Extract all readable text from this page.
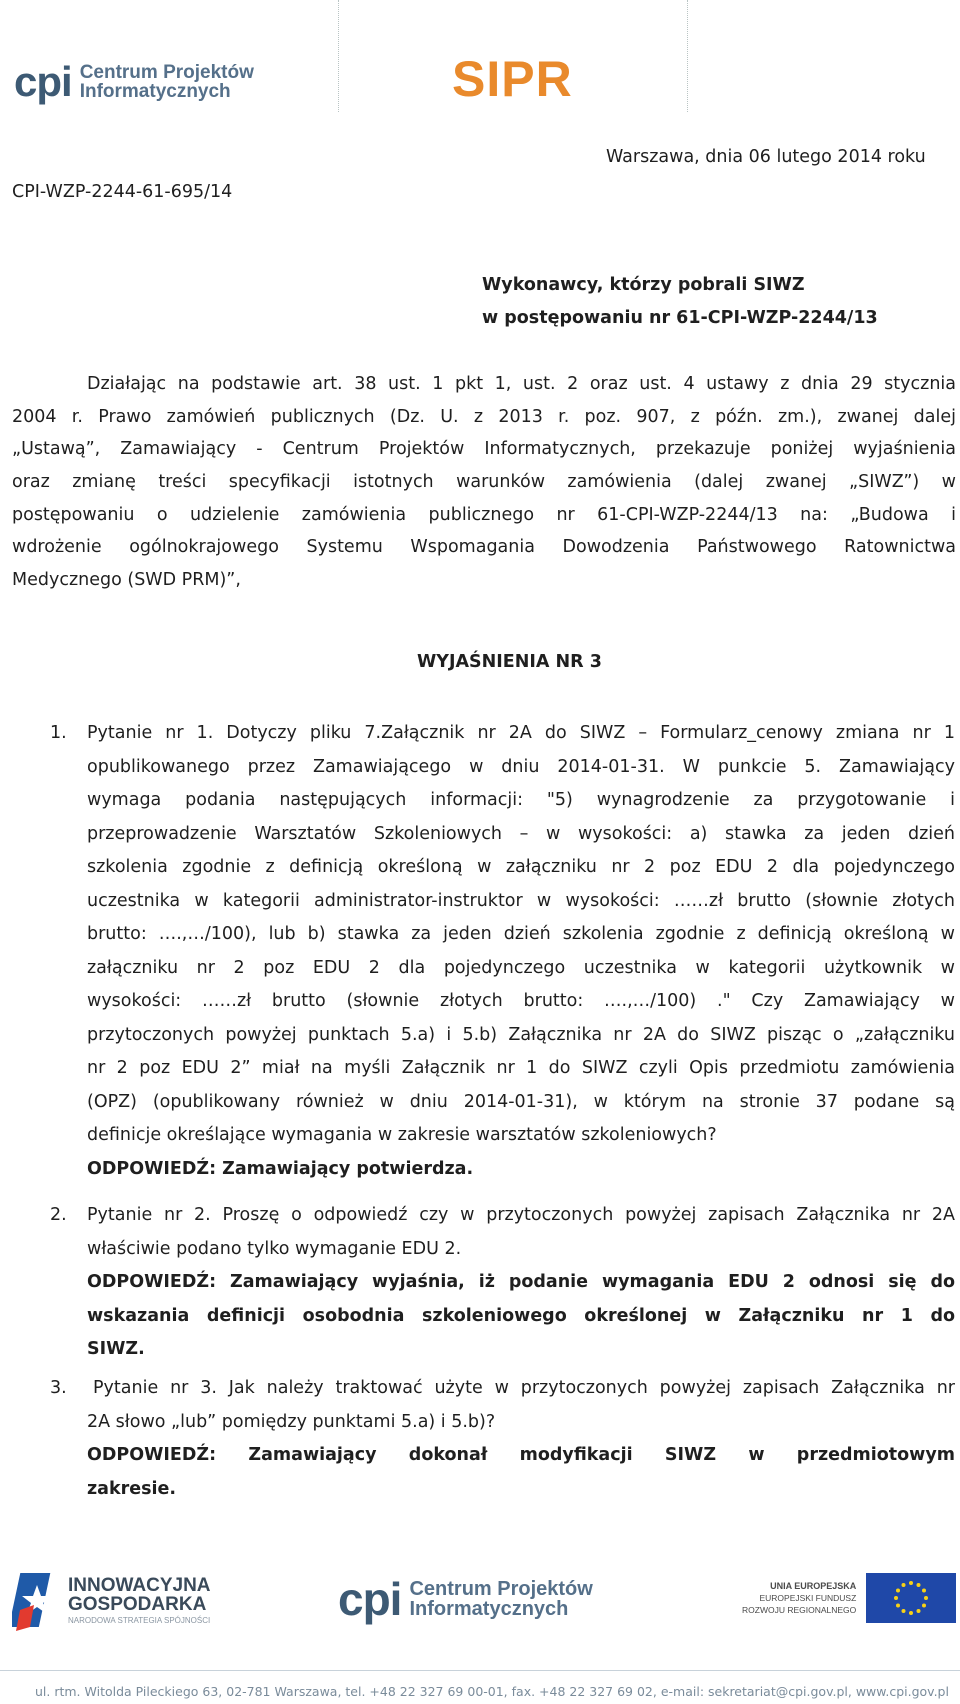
cpi Centrum Projektów
Informatycznych	SIPR
Warszawa, dnia 06 lutego 2014 roku
CPI-WZP-2244-61-695/14
Wykonawcy, którzy pobrali SIWZ
w postępowaniu nr 61-CPI-WZP-2244/13
Działając na podstawie art. 38 ust. 1 pkt 1, ust. 2 oraz ust. 4 ustawy z dnia 29 stycznia
2004 r. Prawo zamówień publicznych (Dz. U. z 2013 r. poz. 907, z późn. zm.), zwanej dalej
„Ustawą”, Zamawiający - Centrum Projektów Informatycznych, przekazuje poniżej wyjaśnienia
oraz zmianę treści specyfikacji istotnych warunków zamówienia (dalej zwanej „SIWZ”) w
postępowaniu o udzielenie zamówienia publicznego nr 61-CPI-WZP-2244/13 na: „Budowa i
wdrożenie ogólnokrajowego Systemu Wspomagania Dowodzenia Państwowego Ratownictwa
Medycznego (SWD PRM)”,
WYJAŚNIENIA NR 3
1. Pytanie nr 1. Dotyczy pliku 7.Załącznik nr 2A do SIWZ – Formularz_cenowy zmiana nr 1
opublikowanego przez Zamawiającego w dniu 2014-01-31. W punkcie 5. Zamawiający
wymaga podania następujących informacji: "5) wynagrodzenie za przygotowanie i
przeprowadzenie Warsztatów Szkoleniowych – w wysokości: a) stawka za jeden dzień
szkolenia zgodnie z definicją określoną w załączniku nr 2 poz EDU 2 dla pojedynczego
uczestnika w kategorii administrator-instruktor w wysokości: ……zł brutto (słownie złotych
brutto: ….,…/100), lub b) stawka za jeden dzień szkolenia zgodnie z definicją określoną w
załączniku nr 2 poz EDU 2 dla pojedynczego uczestnika w kategorii użytkownik w
wysokości: ……zł brutto (słownie złotych brutto: ….,…/100) ." Czy Zamawiający w
przytoczonych powyżej punktach 5.a) i 5.b) Załącznika nr 2A do SIWZ pisząc o „załączniku
nr 2 poz EDU 2” miał na myśli Załącznik nr 1 do SIWZ czyli Opis przedmiotu zamówienia
(OPZ) (opublikowany również w dniu 2014-01-31), w którym na stronie 37 podane są
definicje określające wymagania w zakresie warsztatów szkoleniowych?
ODPOWIEDŹ: Zamawiający potwierdza.
2. Pytanie nr 2. Proszę o odpowiedź czy w przytoczonych powyżej zapisach Załącznika nr 2A
właściwie podano tylko wymaganie EDU 2.
ODPOWIEDŹ: Zamawiający wyjaśnia, iż podanie wymagania EDU 2 odnosi się do
wskazania definicji osobodnia szkoleniowego określonej w Załączniku nr 1 do
SIWZ.
3. Pytanie nr 3. Jak należy traktować użyte w przytoczonych powyżej zapisach Załącznika nr
2A słowo „lub” pomiędzy punktami 5.a) i 5.b)?
ODPOWIEDŹ: Zamawiający dokonał modyfikacji SIWZ w przedmiotowym
zakresie.
INNOWACYJNA
GOSPODARKA
NARODOWA STRATEGIA SPÓJNOŚCI	cpi Centrum Projektów
Informatycznych
UNIA EUROPEJSKA
EUROPEJSKI FUNDUSZ
ROZWOJU REGIONALNEGO
ul. rtm. Witolda Pileckiego 63, 02-781 Warszawa, tel. +48 22 327 69 00-01, fax. +48 22 327 69 02, e-mail: sekretariat@cpi.gov.pl, www.cpi.gov.pl
